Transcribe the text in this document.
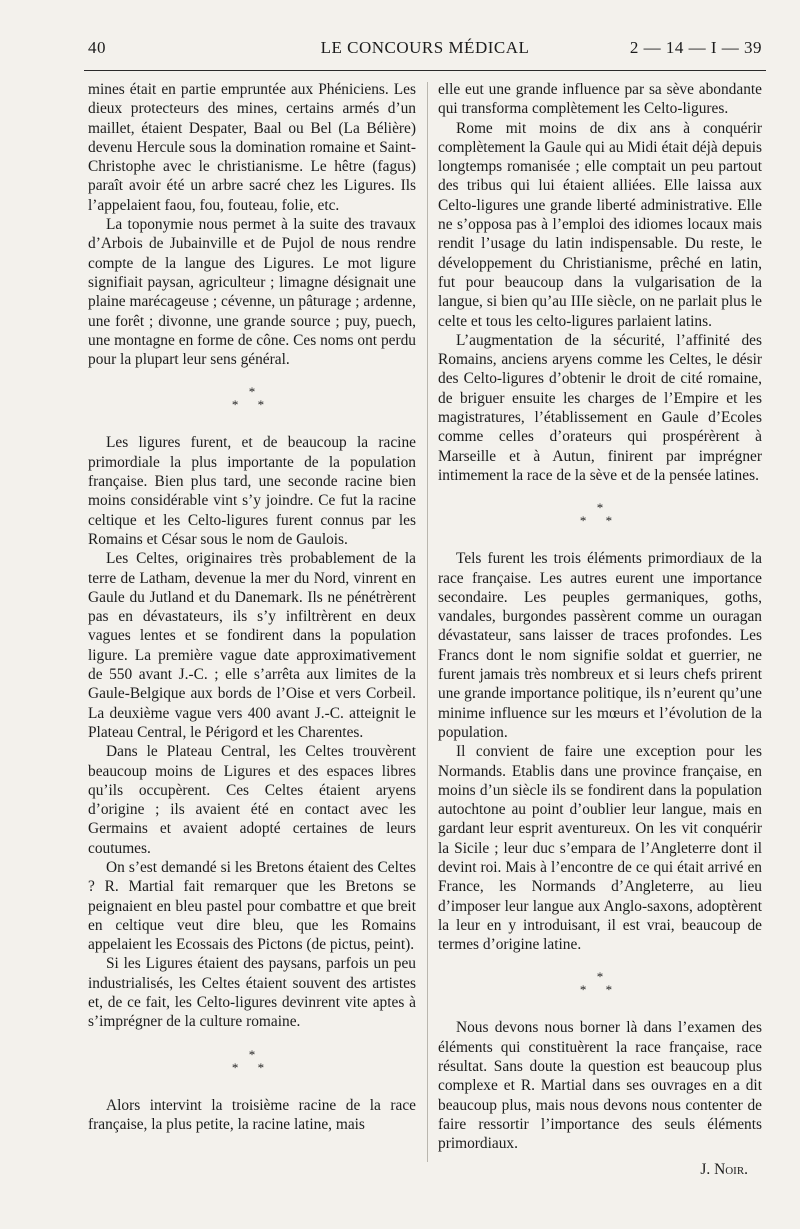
40	LE CONCOURS MÉDICAL	2 — 14 — I — 39

mines était en partie empruntée aux Phéniciens. Les dieux protecteurs des mines, certains armés d’un maillet, étaient Despater, Baal ou Bel (La Bélière) devenu Hercule sous la domination romaine et Saint-Christophe avec le christianisme. Le hêtre (fagus) paraît avoir été un arbre sacré chez les Ligures. Ils l’appelaient faou, fou, fouteau, folie, etc.

La toponymie nous permet à la suite des travaux d’Arbois de Jubainville et de Pujol de nous rendre compte de la langue des Ligures. Le mot ligure signifiait paysan, agriculteur ; limagne désignait une plaine marécageuse ; cévenne, un pâturage ; ardenne, une forêt ; divonne, une grande source ; puy, puech, une montagne en forme de cône. Ces noms ont perdu pour la plupart leur sens général.

*
* *

Les ligures furent, et de beaucoup la racine primordiale la plus importante de la population française. Bien plus tard, une seconde racine bien moins considérable vint s’y joindre. Ce fut la racine celtique et les Celto-ligures furent connus par les Romains et César sous le nom de Gaulois.

Les Celtes, originaires très probablement de la terre de Latham, devenue la mer du Nord, vinrent en Gaule du Jutland et du Danemark. Ils ne pénétrèrent pas en dévastateurs, ils s’y infiltrèrent en deux vagues lentes et se fondirent dans la population ligure. La première vague date approximativement de 550 avant J.-C. ; elle s’arrêta aux limites de la Gaule-Belgique aux bords de l’Oise et vers Corbeil. La deuxième vague vers 400 avant J.-C. atteignit le Plateau Central, le Périgord et les Charentes.

Dans le Plateau Central, les Celtes trouvèrent beaucoup moins de Ligures et des espaces libres qu’ils occupèrent. Ces Celtes étaient aryens d’origine ; ils avaient été en contact avec les Germains et avaient adopté certaines de leurs coutumes.

On s’est demandé si les Bretons étaient des Celtes ? R. Martial fait remarquer que les Bretons se peignaient en bleu pastel pour combattre et que breit en celtique veut dire bleu, que les Romains appelaient les Ecossais des Pictons (de pictus, peint).

Si les Ligures étaient des paysans, parfois un peu industrialisés, les Celtes étaient souvent des artistes et, de ce fait, les Celto-ligures devinrent vite aptes à s’imprégner de la culture romaine.

*
* *

Alors intervint la troisième racine de la race française, la plus petite, la racine latine, mais

elle eut une grande influence par sa sève abondante qui transforma complètement les Celto-ligures.

Rome mit moins de dix ans à conquérir complètement la Gaule qui au Midi était déjà depuis longtemps romanisée ; elle comptait un peu partout des tribus qui lui étaient alliées. Elle laissa aux Celto-ligures une grande liberté administrative. Elle ne s’opposa pas à l’emploi des idiomes locaux mais rendit l’usage du latin indispensable. Du reste, le développement du Christianisme, prêché en latin, fut pour beaucoup dans la vulgarisation de la langue, si bien qu’au IIIe siècle, on ne parlait plus le celte et tous les celto-ligures parlaient latins.

L’augmentation de la sécurité, l’affinité des Romains, anciens aryens comme les Celtes, le désir des Celto-ligures d’obtenir le droit de cité romaine, de briguer ensuite les charges de l’Empire et les magistratures, l’établissement en Gaule d’Ecoles comme celles d’orateurs qui prospérèrent à Marseille et à Autun, finirent par imprégner intimement la race de la sève et de la pensée latines.

*
* *

Tels furent les trois éléments primordiaux de la race française. Les autres eurent une importance secondaire. Les peuples germaniques, goths, vandales, burgondes passèrent comme un ouragan dévastateur, sans laisser de traces profondes. Les Francs dont le nom signifie soldat et guerrier, ne furent jamais très nombreux et si leurs chefs prirent une grande importance politique, ils n’eurent qu’une minime influence sur les mœurs et l’évolution de la population.

Il convient de faire une exception pour les Normands. Etablis dans une province française, en moins d’un siècle ils se fondirent dans la population autochtone au point d’oublier leur langue, mais en gardant leur esprit aventureux. On les vit conquérir la Sicile ; leur duc s’empara de l’Angleterre dont il devint roi. Mais à l’encontre de ce qui était arrivé en France, les Normands d’Angleterre, au lieu d’imposer leur langue aux Anglo-saxons, adoptèrent la leur en y introduisant, il est vrai, beaucoup de termes d’origine latine.

*
* *

Nous devons nous borner là dans l’examen des éléments qui constituèrent la race française, race résultat. Sans doute la question est beaucoup plus complexe et R. Martial dans ses ouvrages en a dit beaucoup plus, mais nous devons nous contenter de faire ressortir l’importance des seuls éléments primordiaux.

J. Noir.
